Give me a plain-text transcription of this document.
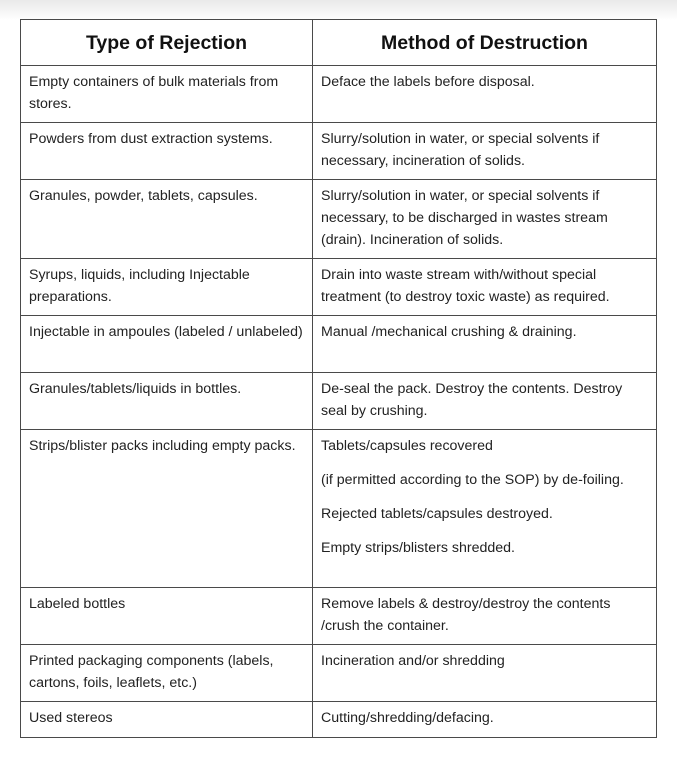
Type of Rejection	Method of Destruction
Empty containers of bulk materials from stores.	Deface the labels before disposal.

Powders from dust extraction systems.	Slurry/solution in water, or special solvents if necessary, incineration of solids.

Granules, powder, tablets, capsules.	Slurry/solution in water, or special solvents if necessary, to be discharged in wastes stream (drain). Incineration of solids.

Syrups, liquids, including Injectable preparations.	Drain into waste stream with/without special treatment (to destroy toxic waste) as required.

Injectable in ampoules (labeled / unlabeled)	Manual /mechanical crushing & draining.

Granules/tablets/liquids in bottles.	De-seal the pack. Destroy the contents. Destroy seal by crushing.

Strips/blister packs including empty packs.	Tablets/capsules recovered
(if permitted according to the SOP) by de-foiling.
Rejected tablets/capsules destroyed.
Empty strips/blisters shredded.

Labeled bottles	Remove labels & destroy/destroy the contents /crush the container.

Printed packaging components (labels, cartons, foils, leaflets, etc.)	Incineration and/or shredding

Used stereos	Cutting/shredding/defacing.
